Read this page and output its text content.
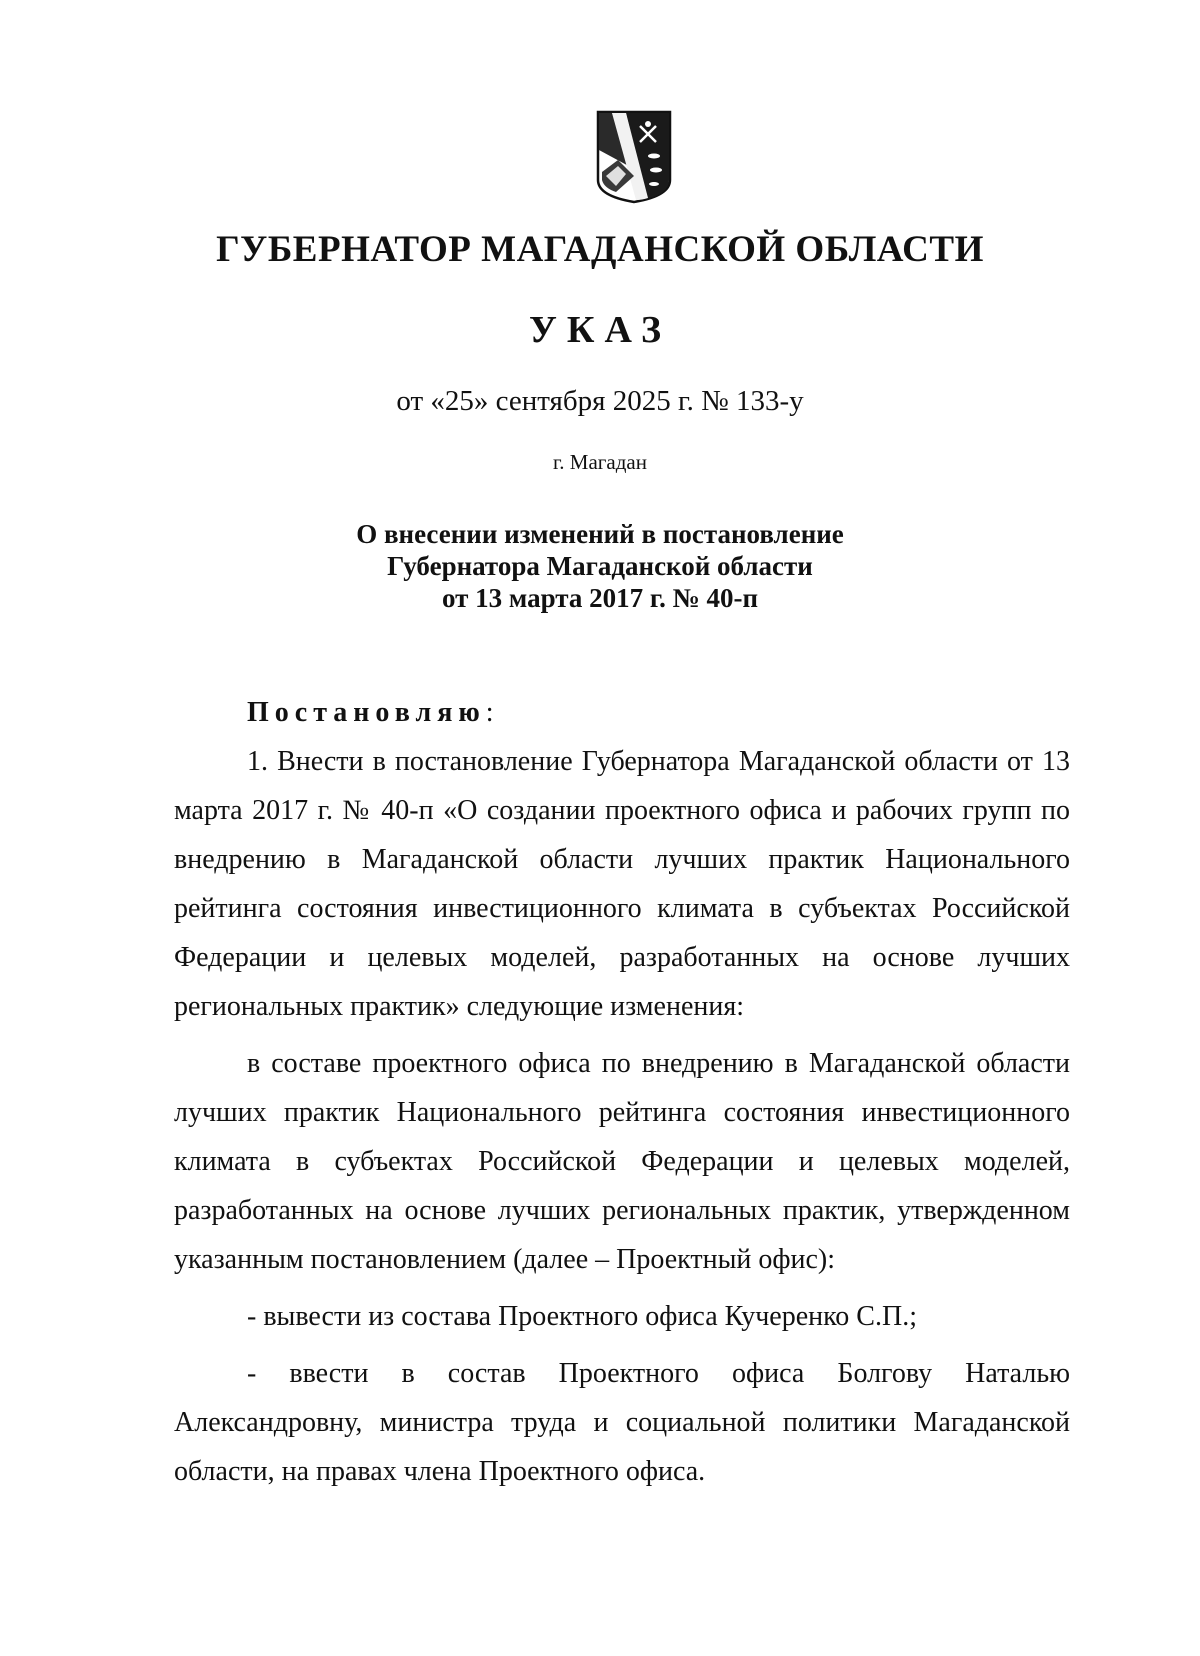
ГУБЕРНАТОР МАГАДАНСКОЙ ОБЛАСТИ
УКАЗ
от «25» сентября 2025 г. № 133-у
г. Магадан
О внесении изменений в постановление
Губернатора Магаданской области
от 13 марта 2017 г. № 40-п
Постановляю:

1. Внести в постановление Губернатора Магаданской области от 13 марта 2017 г. № 40-п «О создании проектного офиса и рабочих групп по внедрению в Магаданской области лучших практик Национального рейтинга состояния инвестиционного климата в субъектах Российской Федерации и целевых моделей, разработанных на основе лучших региональных практик» следующие изменения:

в составе проектного офиса по внедрению в Магаданской области лучших практик Национального рейтинга состояния инвестиционного климата в субъектах Российской Федерации и целевых моделей, разработанных на основе лучших региональных практик, утвержденном указанным постановлением (далее – Проектный офис):

- вывести из состава Проектного офиса Кучеренко С.П.;

- ввести в состав Проектного офиса Болгову Наталью Александровну, министра труда и социальной политики Магаданской области, на правах члена Проектного офиса.
